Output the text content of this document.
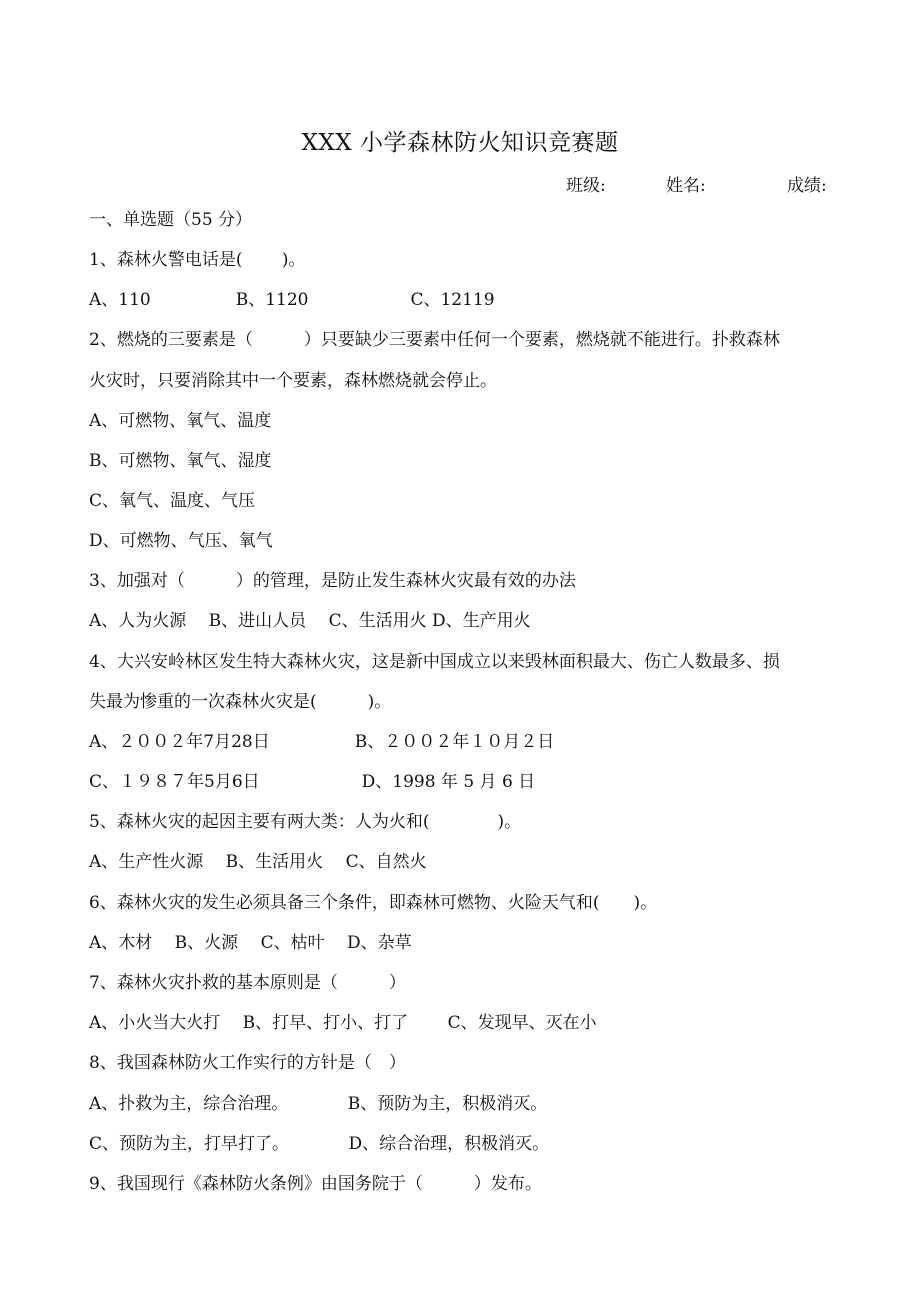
XXX 小学森林防火知识竞赛题
班级:	姓名:	成绩:
一、单选题（55 分）
1、森林火警电话是(　　 )。
A、110　　　　　B、1120　　　　　　C、12119
2、燃烧的三要素是（　　　）只要缺少三要素中任何一个要素，燃烧就不能进行。扑救森林
火灾时，只要消除其中一个要素，森林燃烧就会停止。
A、可燃物、氧气、温度
B、可燃物、氧气、湿度
C、氧气、温度、气压
D、可燃物、气压、氧气
3、加强对（　　　）的管理，是防止发生森林火灾最有效的办法
A、人为火源　 B、进山人员　 C、生活用火 D、生产用火
4、大兴安岭林区发生特大森林火灾，这是新中国成立以来毁林面积最大、伤亡人数最多、损
失最为惨重的一次森林火灾是(　　　)。
A、２００２年7月28日　　　　　B、２００２年１０月２日
C、１９８７年5月6日　　　　　　D、1998 年 5 月 6 日
5、森林火灾的起因主要有两大类：人为火和(　　　　)。
A、生产性火源　 B、生活用火　 C、自然火
6、森林火灾的发生必须具备三个条件，即森林可燃物、火险天气和(　　)。
A、木材　 B、火源　 C、枯叶　 D、杂草
7、森林火灾扑救的基本原则是（　　　）
A、小火当大火打　 B、打早、打小、打了　　 C、发现早、灭在小
8、我国森林防火工作实行的方针是（　）
A、扑救为主，综合治理。　　　　B、预防为主，积极消灭。
C、预防为主，打早打了。　　　　D、综合治理，积极消灭。
9、我国现行《森林防火条例》由国务院于（　　　）发布。
